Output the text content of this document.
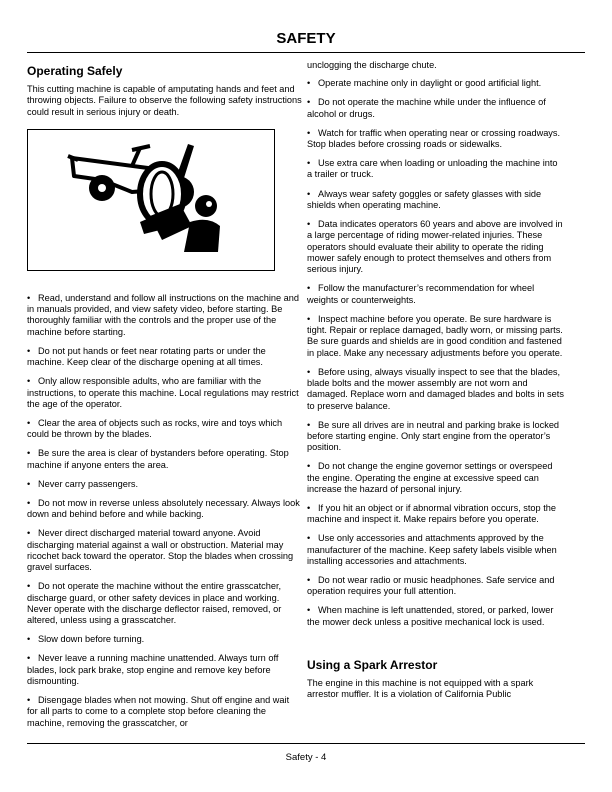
SAFETY
Operating Safely
This cutting machine is capable of amputating hands and feet and throwing objects. Failure to observe the following safety instructions could result in serious injury or death.
• Read, understand and follow all instructions on the machine and in manuals provided, and view safety video, before starting. Be thoroughly familiar with the controls and the proper use of the machine before starting.
• Do not put hands or feet near rotating parts or under the machine. Keep clear of the discharge opening at all times.
• Only allow responsible adults, who are familiar with the instructions, to operate this machine. Local regulations may restrict the age of the operator.
• Clear the area of objects such as rocks, wire and toys which could be thrown by the blades.
• Be sure the area is clear of bystanders before operating. Stop machine if anyone enters the area.
• Never carry passengers.
• Do not mow in reverse unless absolutely necessary. Always look down and behind before and while backing.
• Never direct discharged material toward anyone. Avoid discharging material against a wall or obstruction. Material may ricochet back toward the operator. Stop the blades when crossing gravel surfaces.
• Do not operate the machine without the entire grasscatcher, discharge guard, or other safety devices in place and working. Never operate with the discharge deflector raised, removed, or altered, unless using a grasscatcher.
• Slow down before turning.
• Never leave a running machine unattended. Always turn off blades, lock park brake, stop engine and remove key before dismounting.
• Disengage blades when not mowing. Shut off engine and wait for all parts to come to a complete stop before cleaning the machine, removing the grasscatcher, or
unclogging the discharge chute.
• Operate machine only in daylight or good artificial light.
• Do not operate the machine while under the influence of alcohol or drugs.
• Watch for traffic when operating near or crossing roadways. Stop blades before crossing roads or sidewalks.
• Use extra care when loading or unloading the machine into a trailer or truck.
• Always wear safety goggles or safety glasses with side shields when operating machine.
• Data indicates operators 60 years and above are involved in a large percentage of riding mower-related injuries. These operators should evaluate their ability to operate the riding mower safely enough to protect themselves and others from serious injury.
• Follow the manufacturer’s recommendation for wheel weights or counterweights.
• Inspect machine before you operate. Be sure hardware is tight. Repair or replace damaged, badly worn, or missing parts. Be sure guards and shields are in good condition and fastened in place. Make any necessary adjustments before you operate.
• Before using, always visually inspect to see that the blades, blade bolts and the mower assembly are not worn and damaged. Replace worn and damaged blades and bolts in sets to preserve balance.
• Be sure all drives are in neutral and parking brake is locked before starting engine. Only start engine from the operator’s position.
• Do not change the engine governor settings or overspeed the engine. Operating the engine at excessive speed can increase the hazard of personal injury.
• If you hit an object or if abnormal vibration occurs, stop the machine and inspect it. Make repairs before you operate.
• Use only accessories and attachments approved by the manufacturer of the machine. Keep safety labels visible when installing accessories and attachments.
• Do not wear radio or music headphones. Safe service and operation requires your full attention.
• When machine is left unattended, stored, or parked, lower the mower deck unless a positive mechanical lock is used.
Using a Spark Arrestor
The engine in this machine is not equipped with a spark arrestor muffler. It is a violation of California Public
Safety - 4
